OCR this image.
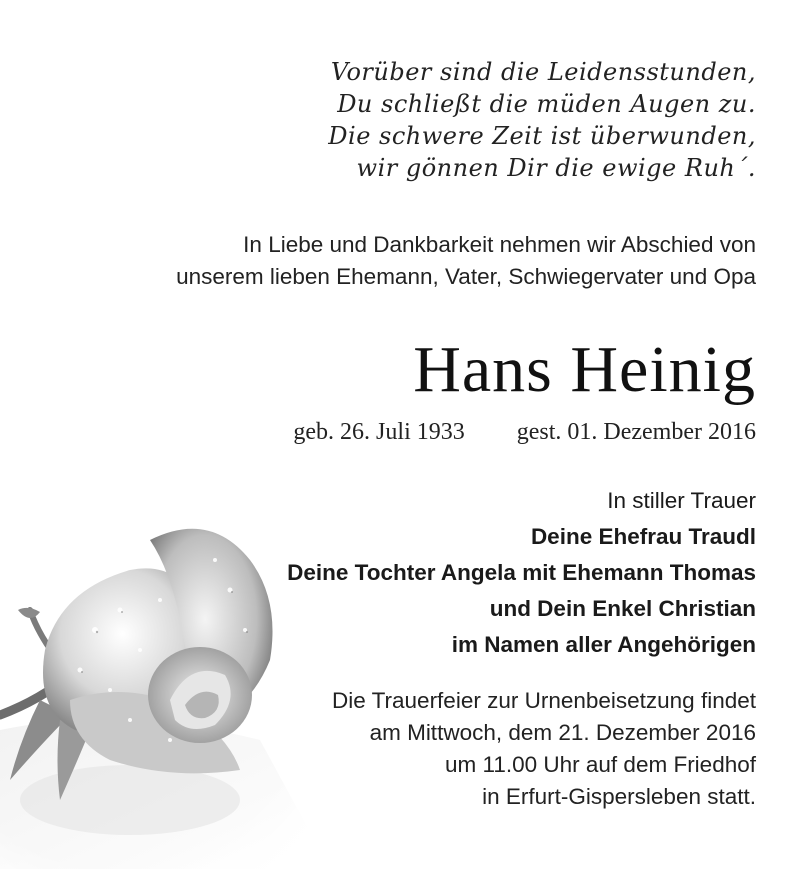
Vorüber sind die Leidensstunden,
Du schließt die müden Augen zu.
Die schwere Zeit ist überwunden,
wir gönnen Dir die ewige Ruh´.
In Liebe und Dankbarkeit nehmen wir Abschied von
unserem lieben Ehemann, Vater, Schwiegervater und Opa
Hans Heinig
geb. 26. Juli 1933 gest. 01. Dezember 2016
In stiller Trauer
Deine Ehefrau Traudl
Deine Tochter Angela mit Ehemann Thomas
und Dein Enkel Christian
im Namen aller Angehörigen
Die Trauerfeier zur Urnenbeisetzung findet
am Mittwoch, dem 21. Dezember 2016
um 11.00 Uhr auf dem Friedhof
in Erfurt-Gispersleben statt.
